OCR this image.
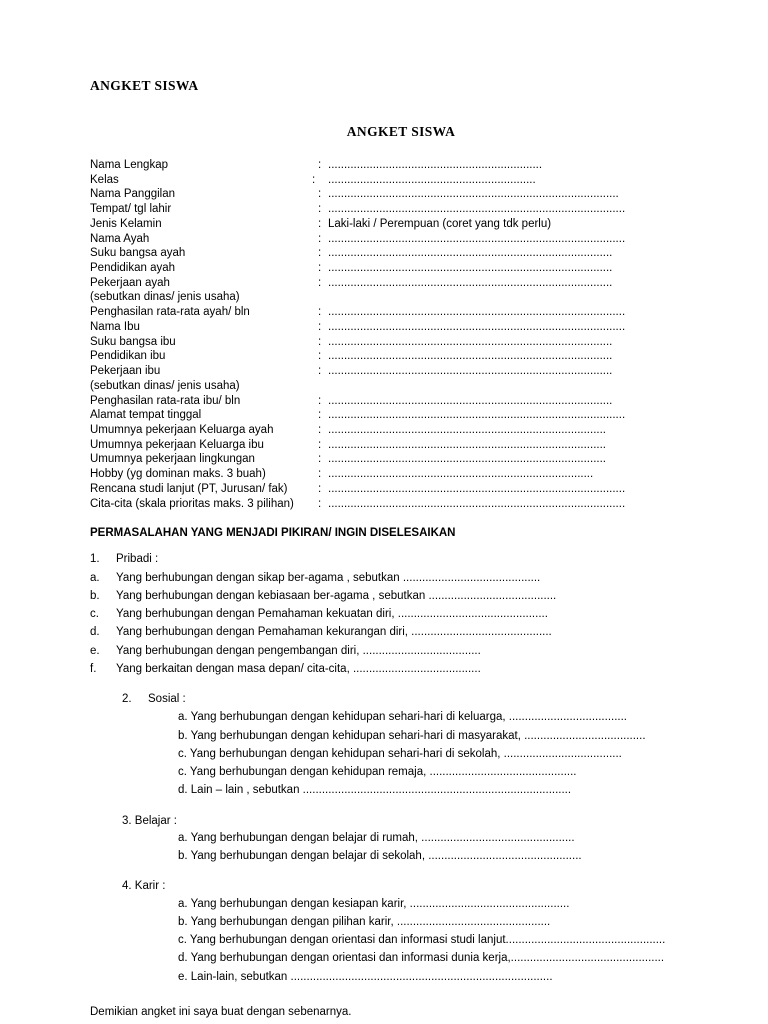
ANGKET SISWA
ANGKET SISWA
Nama Lengkap	:	...................................................................
Kelas	:	.................................................................
Nama Panggilan	:	...........................................................................................
Tempat/ tgl lahir	:	.............................................................................................
Jenis Kelamin	:	Laki-laki / Perempuan (coret yang tdk perlu)
Nama Ayah	:	.............................................................................................
Suku bangsa ayah	:	.........................................................................................
Pendidikan ayah	:	.........................................................................................
Pekerjaan ayah	:	.........................................................................................
(sebutkan dinas/ jenis usaha)		
Penghasilan rata-rata ayah/ bln	:	.............................................................................................
Nama Ibu	:	.............................................................................................
Suku bangsa ibu	:	.........................................................................................
Pendidikan ibu	:	.........................................................................................
Pekerjaan ibu	:	.........................................................................................
(sebutkan dinas/ jenis usaha)		
Penghasilan rata-rata ibu/ bln	:	.........................................................................................
Alamat tempat tinggal	:	.............................................................................................
Umumnya pekerjaan Keluarga ayah	:	.......................................................................................
Umumnya pekerjaan Keluarga ibu	:	.......................................................................................
Umumnya pekerjaan lingkungan	:	.......................................................................................
Hobby (yg dominan maks. 3 buah)	:	...................................................................................
Rencana studi lanjut (PT, Jurusan/ fak)	:	.............................................................................................
Cita-cita (skala prioritas maks. 3 pilihan)	:	.............................................................................................
PERMASALAHAN YANG MENJADI PIKIRAN/ INGIN DISELESAIKAN
1.	Pribadi :
a.	Yang berhubungan dengan sikap ber-agama , sebutkan ...........................................
b.	Yang berhubungan dengan kebiasaan ber-agama , sebutkan ........................................
c.	Yang berhubungan dengan Pemahaman kekuatan diri, ...............................................
d.	Yang berhubungan dengan Pemahaman kekurangan diri, ............................................
e.	Yang berhubungan dengan pengembangan diri, .....................................
f.	Yang berkaitan dengan masa depan/ cita-cita, ........................................
2.	Sosial :
a. Yang berhubungan dengan kehidupan sehari-hari di keluarga, .....................................
b. Yang berhubungan dengan kehidupan sehari-hari di masyarakat, ......................................
c. Yang berhubungan dengan kehidupan sehari-hari di sekolah, .....................................
c. Yang berhubungan dengan kehidupan remaja, ..............................................
d. Lain – lain , sebutkan ....................................................................................
3. Belajar :
a. Yang berhubungan dengan belajar di rumah, ................................................
b. Yang berhubungan dengan belajar di sekolah, ................................................
4. Karir :
a. Yang berhubungan dengan kesiapan karir, ..................................................
b. Yang berhubungan dengan pilihan karir, ................................................
c. Yang berhubungan dengan orientasi dan informasi studi lanjut..................................................
d. Yang berhubungan dengan orientasi dan informasi dunia kerja,................................................
e. Lain-lain, sebutkan ..................................................................................
Demikian angket ini saya buat dengan sebenarnya.
